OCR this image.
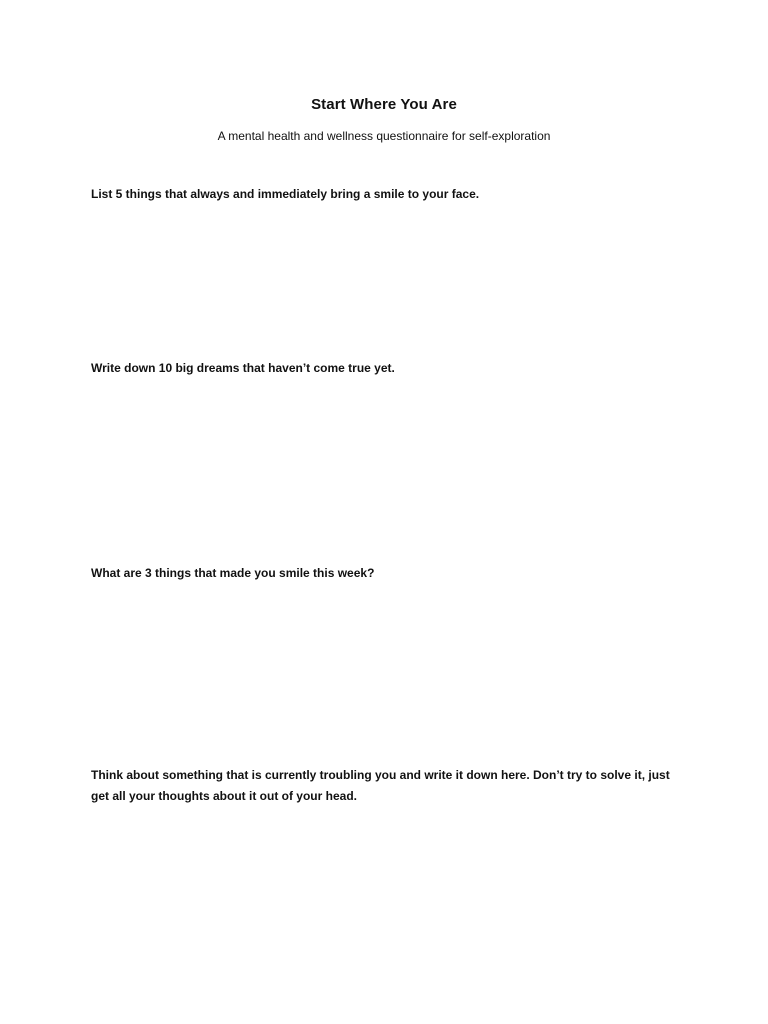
Start Where You Are
A mental health and wellness questionnaire for self-exploration
List 5 things that always and immediately bring a smile to your face.
Write down 10 big dreams that haven’t come true yet.
What are 3 things that made you smile this week?
Think about something that is currently troubling you and write it down here. Don’t try to solve it, just get all your thoughts about it out of your head.
